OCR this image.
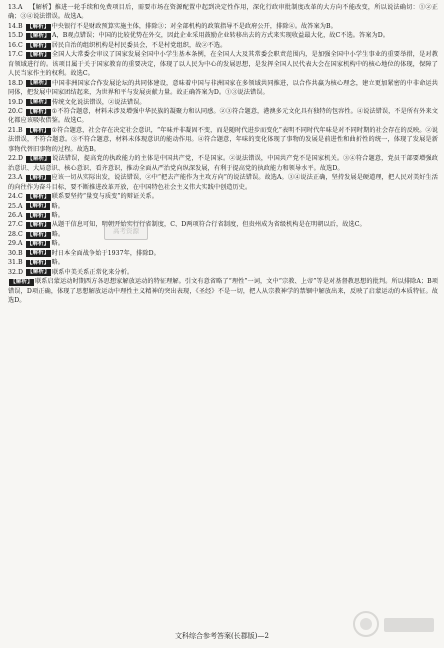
13.A 【解析】推进一轮手续和免费项目后，需要市场在资源配置中起到决定性作用，深化行政审批制度改革的大方向不能改变，所以说法确切：①②正确；③④说法错误。故选A。

14.B 【解析】 中央银行不是财政预算实施主体，排除③；对全部机构的政策指导不是政府公开，排除④。故答案为B。

15.D 【解析】 A，B观点错误；中国的比较优势在外交，因此企业采用鼓励企业转移出去的方式来实现收益最大化，故C不选。答案为D。

16.C 【解析】 居民自治的组织机构是村民委员会，不是村党组织，故②不选。

17.C 【解析】 全国人大常委会审议了国家发展全国中小学生基本条例，在全国人大及其常委会职责范围内，是加强全国中小学生事业的重要举措，是对教育领域进行的。该项目属于关于国家教育的重要决定，体现了以人民为中心的发展思想，是发挥全国人民代表大会在国家机构中的核心地位的体现，保障了人民当家作主的权利。故选C。

18.D 【解析】 中国非洲国家合作发展论坛的共同体建设，意味着中国与非洲国家在多领域共同推进，以合作共赢为核心理念，建立更加紧密的中非命运共同体，把发展中国家团结起来，为世界和平与发展贡献力量。故正确答案为D。①③说法错误。

19.D 【解析】 传统文化说法错误，②说法错误。

20.C 【解析】 ①不符合题意，材料未涉及增强中华民族的凝聚力和认同感。②③符合题意，港澳多元文化具有独特的包容性。④说法错误，不是所有外来文化都应该吸收借鉴。故选C。

21.B 【解析】 ①符合题意，社会存在决定社会意识，“年味并非凝固不变，而是随时代进步而变化”表明不同时代年味是对不同时期的社会存在的反映。②说法错误，不符合题意。③不符合题意，材料未体现意识的能动作用。④符合题意，年味的变化体现了事物的发展是前进性和曲折性的统一，体现了发展是新事物代替旧事物的过程。故选B。

22.D 【解析】 说法错误，提高党的执政能力的主体是中国共产党，不是国家。②说法错误，中国共产党不是国家机关。③④符合题意，党员干部要增强政治意识、大局意识、核心意识、看齐意识，推动全面从严治党向纵深发展，有利于提高党的执政能力和领导水平。故选D。

23.A 【解析】 应该一切从实际出发，说法错误，②中“把去产能作为主攻方向”的说法错误。故选A。③④说法正确，坚持发展是硬道理，把人民对美好生活的向往作为奋斗目标，要不断推进改革开放，在中国特色社会主义伟大实践中创造历史。

24.C 【解析】 联系要坚持“量变与质变”的辩证关系。

25.A 【解析】 略。

26.A 【解析】 略。

27.C 【解析】 从题干信息可知，明朝开始实行行省制度，C、D两项符合行省制度，但贵州成为省级机构是在明朝以后，故选C。

28.C 【解析】 略。

29.A 【解析】 略。

30.B 【解析】 时日本全面战争始于1937年，排除D。

31.B 【解析】 略。

32.D 【解析】 联系中美关系正常化来分析。

【解析】 联系启蒙运动时期西方各思想家解放运动的特征理解。引文有意省略了“理性”一词，文中“宗教、上帝”等是对基督教思想的批判。所以排除A；B项错误，D项正确，体现了思想解放运动中理性主义精神的突出表现，《圣经》不是一切，把人从宗教神学的禁锢中解放出来，反映了启蒙运动的本质特征。故选D。

高考资源
文科综合参考答案(长郡版)—2
